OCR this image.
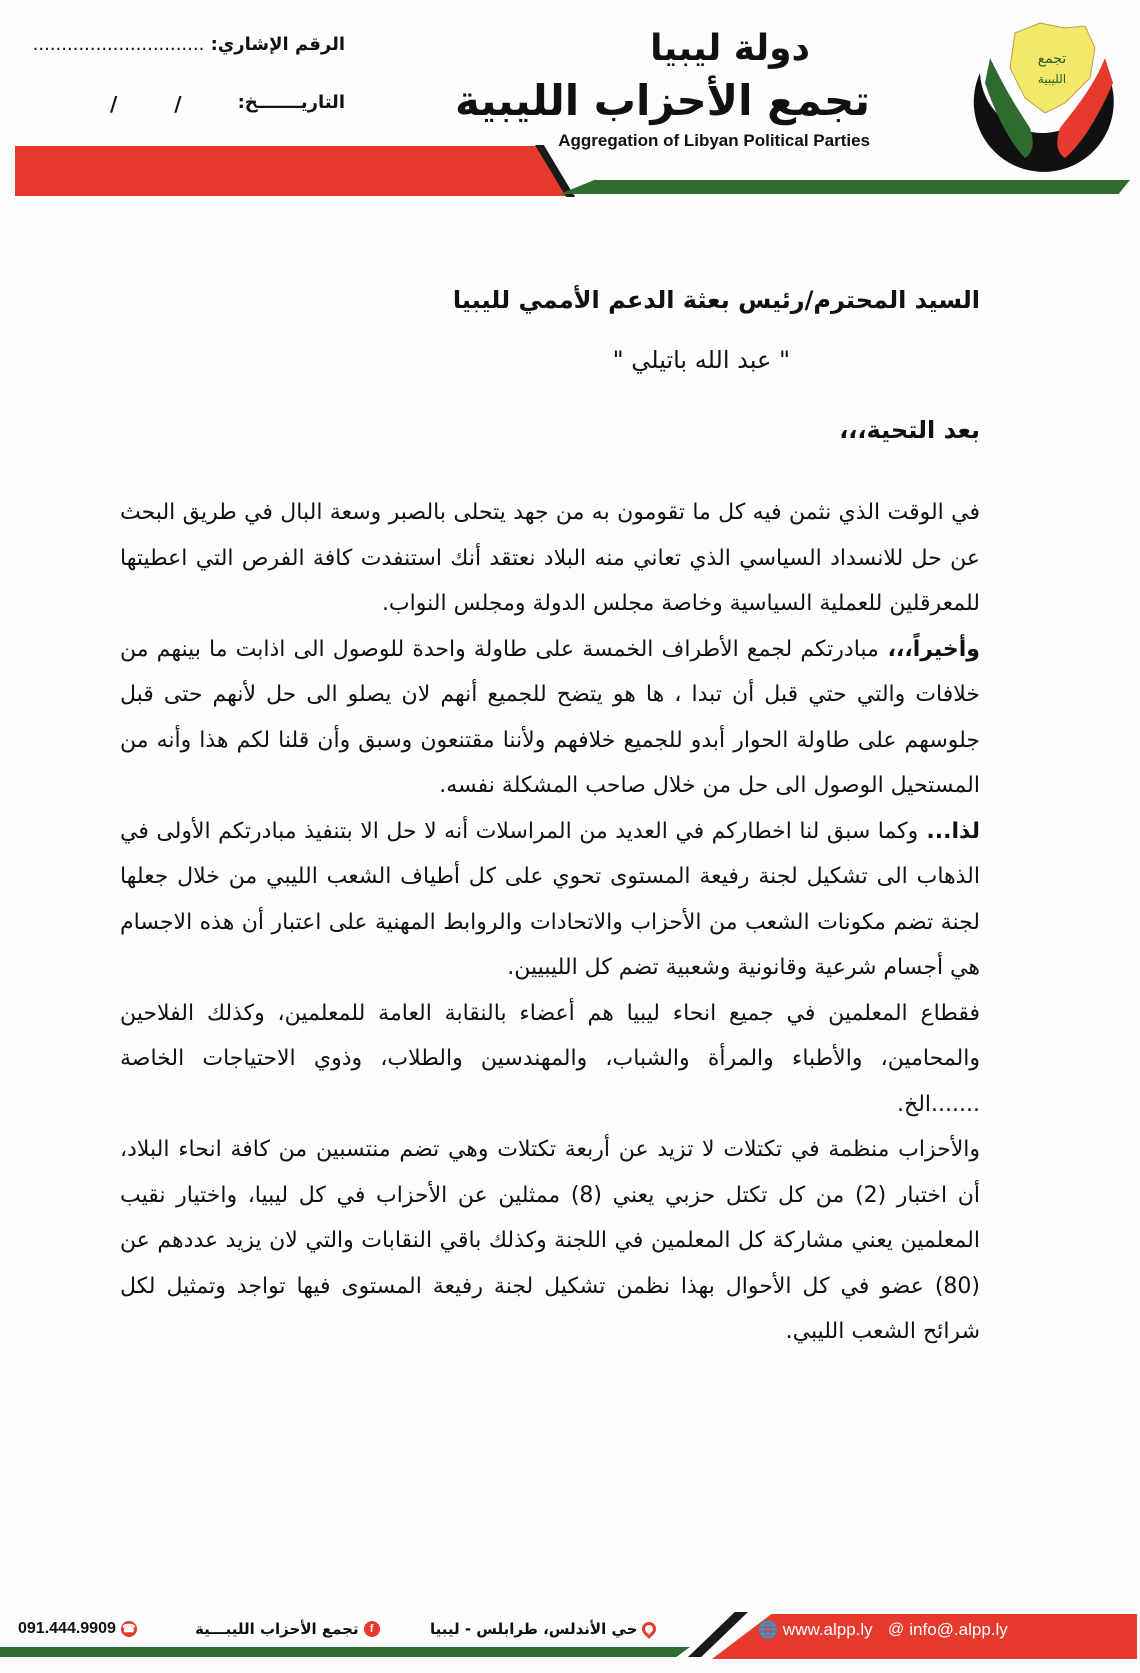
الرقم الإشاري: ..............................
التاريـــــــخ:
/ /
دولة ليبيا
تجمع الأحزاب الليبية
Aggregation of Libyan Political Parties
تجمع
الليبية

السيد المحترم/رئيس بعثة الدعم الأممي لليبيا

" عبد الله باتيلي "

بعد التحية،،،

في الوقت الذي نثمن فيه كل ما تقومون به من جهد يتحلى بالصبر وسعة البال في طريق البحث عن حل للانسداد السياسي الذي تعاني منه البلاد نعتقد أنك استنفدت كافة الفرص التي اعطيتها للمعرقلين للعملية السياسية وخاصة مجلس الدولة ومجلس النواب.

وأخيراً،،، مبادرتكم لجمع الأطراف الخمسة على طاولة واحدة للوصول الى اذابت ما بينهم من خلافات والتي حتي قبل أن تبدا ، ها هو يتضح للجميع أنهم لان يصلو الى حل لأنهم حتى قبل جلوسهم على طاولة الحوار أبدو للجميع خلافهم ولأننا مقتنعون وسبق وأن قلنا لكم هذا وأنه من المستحيل الوصول الى حل من خلال صاحب المشكلة نفسه.

لذا... وكما سبق لنا اخطاركم في العديد من المراسلات أنه لا حل الا بتنفيذ مبادرتكم الأولى في الذهاب الى تشكيل لجنة رفيعة المستوى تحوي على كل أطياف الشعب الليبي من خلال جعلها لجنة تضم مكونات الشعب من الأحزاب والاتحادات والروابط المهنية على اعتبار أن هذه الاجسام هي أجسام شرعية وقانونية وشعبية تضم كل الليبيين.

فقطاع المعلمين في جميع انحاء ليبيا هم أعضاء بالنقابة العامة للمعلمين، وكذلك الفلاحين والمحامين، والأطباء والمرأة والشباب، والمهندسين والطلاب، وذوي الاحتياجات الخاصة .......الخ.

والأحزاب منظمة في تكتلات لا تزيد عن أربعة تكتلات وهي تضم منتسبين من كافة انحاء البلاد، أن اختبار (2) من كل تكتل حزبي يعني (8) ممثلين عن الأحزاب في كل ليبيا، واختيار نقيب المعلمين يعني مشاركة كل المعلمين في اللجنة وكذلك باقي النقابات والتي لان يزيد عددهم عن (80) عضو في كل الأحوال بهذا نظمن تشكيل لجنة رفيعة المستوى فيها تواجد وتمثيل لكل شرائح الشعب الليبي.

091.444.9909 ☎	f
تجمع الأحزاب الليبـــية	حي الأندلس، طرابلس - ليبيا	🌐 www.alpp.ly @ info@.alpp.ly
